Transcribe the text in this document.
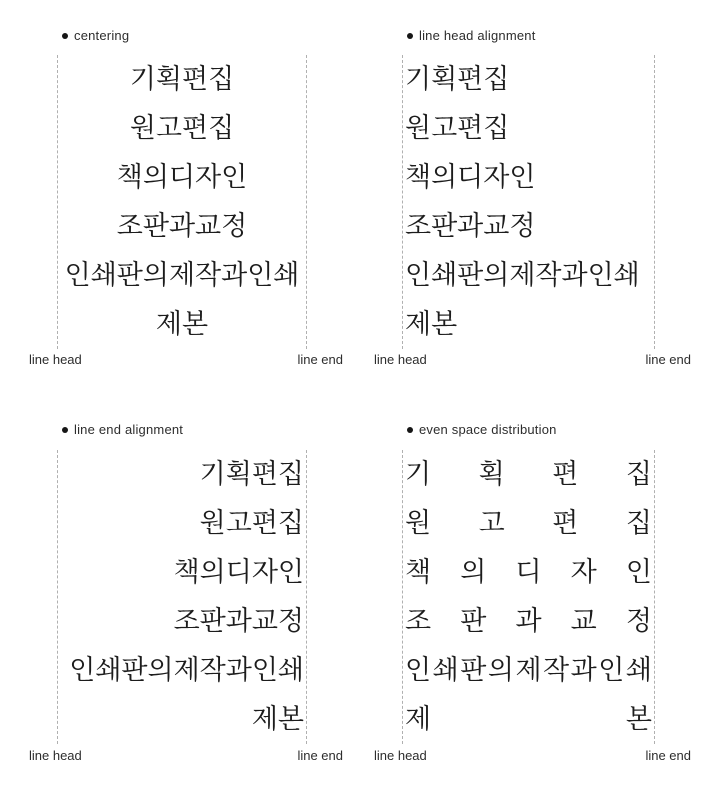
centering
기획편집
원고편집
책의디자인
조판과교정
인쇄판의제작과인쇄
제본
line head	line end
line head alignment
기획편집
원고편집
책의디자인
조판과교정
인쇄판의제작과인쇄
제본
line head	line end
line end alignment
기획편집
원고편집
책의디자인
조판과교정
인쇄판의제작과인쇄
제본
line head	line end
even space distribution
기 획 편 집
원 고 편 집
책 의 디 자 인
조 판 과 교 정
인 쇄 판 의 제 작 과 인 쇄
제	본
line head	line end
